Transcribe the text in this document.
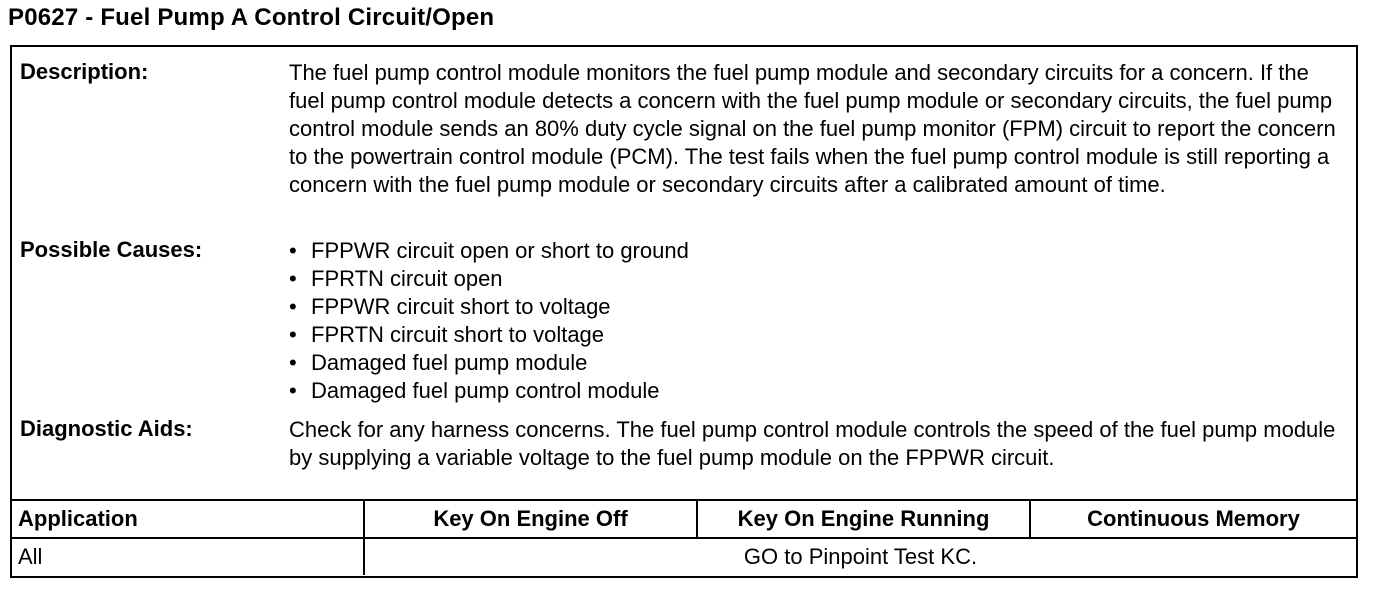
P0627 - Fuel Pump A Control Circuit/Open
Description:	The fuel pump control module monitors the fuel pump module and secondary circuits for a concern. If the fuel pump control module detects a concern with the fuel pump module or secondary circuits, the fuel pump control module sends an 80% duty cycle signal on the fuel pump monitor (FPM) circuit to report the concern to the powertrain control module (PCM). The test fails when the fuel pump control module is still reporting a concern with the fuel pump module or secondary circuits after a calibrated amount of time.
Possible Causes:	• FPPWR circuit open or short to ground
• FPRTN circuit open
• FPPWR circuit short to voltage
• FPRTN circuit short to voltage
• Damaged fuel pump module
• Damaged fuel pump control module
Diagnostic Aids:	Check for any harness concerns. The fuel pump control module controls the speed of the fuel pump module by supplying a variable voltage to the fuel pump module on the FPPWR circuit.
Application	Key On Engine Off	Key On Engine Running	Continuous Memory
All	GO to Pinpoint Test KC.		
